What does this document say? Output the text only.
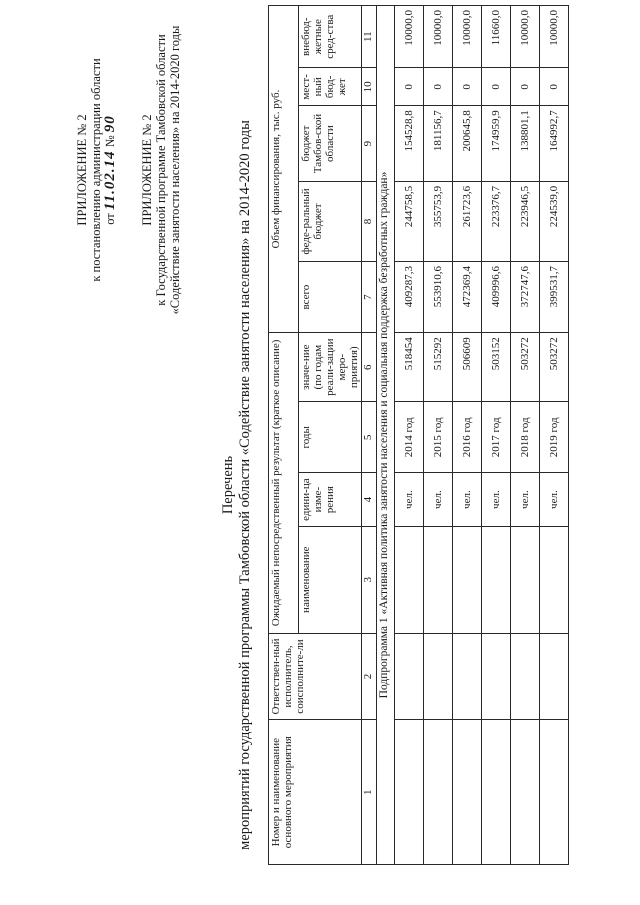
ПРИЛОЖЕНИЕ № 2 к постановлению администрации области от 11.02.14 № 90 ПРИЛОЖЕНИЕ № 2 к Государственной программе Тамбовской области «Содействие занятости населения» на 2014-2020 годы
Перечень мероприятий государственной программы Тамбовской области «Содействие занятости населения» на 2014-2020 годы Номер и наименование основного мероприятия	Ответствен-ный исполнитель, соисполните-ли	Ожидаемый непосредственный результат (краткое описание)				Объем финансирования, тыс. руб.				
		наименование	едини-ца изме-рения	годы	значе-ние (по годам реали-зации меро-приятия)	всего	феде-ральный бюджет	бюджет Тамбов-ской области	мест-ный бюд-жет	внебюд-жетные сред-ства
1	2	3	4	5	6	7	8	9	10	11
Подпрограмма 1 «Активная политика занятости населения и социальная поддержка безработных граждан»										
			чел.	2014 год	518454	409287,3	244758,5	154528,8	0	10000,0
			чел.	2015 год	515292	553910,6	355753,9	181156,7	0	10000,0
			чел.	2016 год	506609	472369,4	261723,6	200645,8	0	10000,0
			чел.	2017 год	503152	409996,6	223376,7	174959,9	0	11660,0
			чел.	2018 год	503272	372747,6	223946,5	138801,1	0	10000,0
			чел.	2019 год	503272	399531,7	224539,0	164992,7	0	10000,0
